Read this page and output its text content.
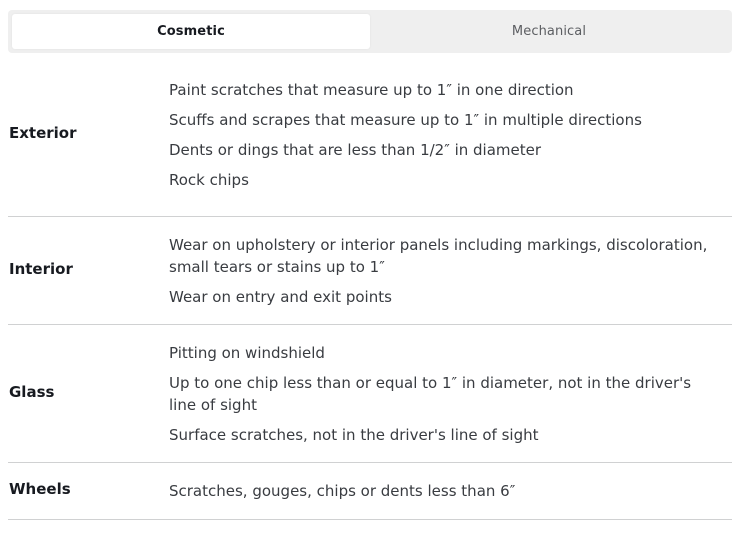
Cosmetic	Mechanical
Exterior
Paint scratches that measure up to 1″ in one direction
Scuffs and scrapes that measure up to 1″ in multiple directions
Dents or dings that are less than 1/2″ in diameter
Rock chips
Interior
Wear on upholstery or interior panels including markings, discoloration, small tears or stains up to 1″
Wear on entry and exit points
Glass
Pitting on windshield
Up to one chip less than or equal to 1″ in diameter, not in the driver's line of sight
Surface scratches, not in the driver's line of sight
Wheels	Scratches, gouges, chips or dents less than 6″
